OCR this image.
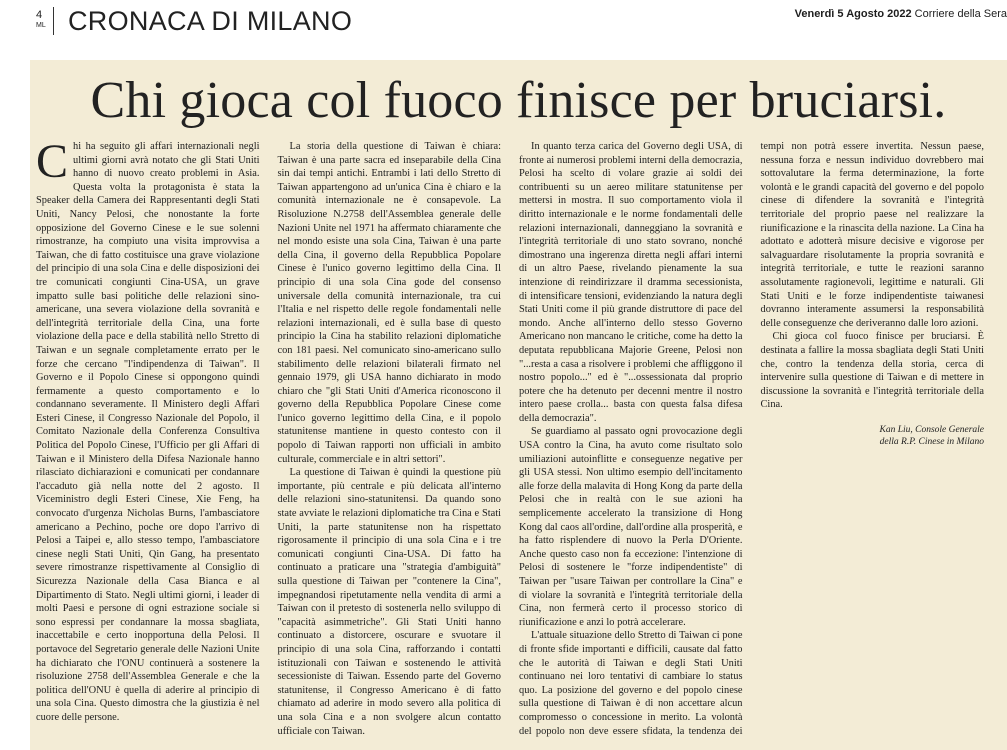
4
ML CRONACA DI MILANO	Venerdì 5 Agosto 2022 Corriere della Sera
Chi gioca col fuoco finisce per bruciarsi.

Chi ha seguito gli affari internazionali negli ultimi giorni avrà notato che gli Stati Uniti hanno di nuovo creato problemi in Asia. Questa volta la protagonista è stata la Speaker della Camera dei Rappresentanti degli Stati Uniti, Nancy Pelosi, che nonostante la forte opposizione del Governo Cinese e le sue solenni rimostranze, ha compiuto una visita improvvisa a Taiwan, che di fatto costituisce una grave violazione del principio di una sola Cina e delle disposizioni dei tre comunicati congiunti Cina-USA, un grave impatto sulle basi politiche delle relazioni sino-americane, una severa violazione della sovranità e dell'integrità territoriale della Cina, una forte violazione della pace e della stabilità nello Stretto di Taiwan e un segnale completamente errato per le forze che cercano "l'indipendenza di Taiwan". Il Governo e il Popolo Cinese si oppongono quindi fermamente a questo comportamento e lo condannano severamente. Il Ministero degli Affari Esteri Cinese, il Congresso Nazionale del Popolo, il Comitato Nazionale della Conferenza Consultiva Politica del Popolo Cinese, l'Ufficio per gli Affari di Taiwan e il Ministero della Difesa Nazionale hanno rilasciato dichiarazioni e comunicati per condannare l'accaduto già nella notte del 2 agosto. Il Viceministro degli Esteri Cinese, Xie Feng, ha convocato d'urgenza Nicholas Burns, l'ambasciatore americano a Pechino, poche ore dopo l'arrivo di Pelosi a Taipei e, allo stesso tempo, l'ambasciatore cinese negli Stati Uniti, Qin Gang, ha presentato severe rimostranze rispettivamente al Consiglio di Sicurezza Nazionale della Casa Bianca e al Dipartimento di Stato. Negli ultimi giorni, i leader di molti Paesi e persone di ogni estrazione sociale si sono espressi per condannare la mossa sbagliata, inaccettabile e certo inopportuna della Pelosi. Il portavoce del Segretario generale delle Nazioni Unite ha dichiarato che l'ONU continuerà a sostenere la risoluzione 2758 dell'Assemblea Generale e che la politica dell'ONU è quella di aderire al principio di una sola Cina. Questo dimostra che la giustizia è nel cuore delle persone.

La storia della questione di Taiwan è chiara: Taiwan è una parte sacra ed inseparabile della Cina sin dai tempi antichi. Entrambi i lati dello Stretto di Taiwan appartengono ad un'unica Cina è chiaro e la comunità internazionale ne è consapevole. La Risoluzione N.2758 dell'Assemblea generale delle Nazioni Unite nel 1971 ha affermato chiaramente che nel mondo esiste una sola Cina, Taiwan è una parte della Cina, il governo della Repubblica Popolare Cinese è l'unico governo legittimo della Cina. Il principio di una sola Cina gode del consenso universale della comunità internazionale, tra cui l'Italia e nel rispetto delle regole fondamentali nelle relazioni internazionali, ed è sulla base di questo principio la Cina ha stabilito relazioni diplomatiche con 181 paesi. Nel comunicato sino-americano sullo stabilimento delle relazioni bilaterali firmato nel gennaio 1979, gli USA hanno dichiarato in modo chiaro che "gli Stati Uniti d'America riconoscono il governo della Repubblica Popolare Cinese come l'unico governo legittimo della Cina, e il popolo statunitense mantiene in questo contesto con il popolo di Taiwan rapporti non ufficiali in ambito culturale, commerciale e in altri settori".

La questione di Taiwan è quindi la questione più importante, più centrale e più delicata all'interno delle relazioni sino-statunitensi. Da quando sono state avviate le relazioni diplomatiche tra Cina e Stati Uniti, la parte statunitense non ha rispettato rigorosamente il principio di una sola Cina e i tre comunicati congiunti Cina-USA. Di fatto ha continuato a praticare una "strategia d'ambiguità" sulla questione di Taiwan per "contenere la Cina", impegnandosi ripetutamente nella vendita di armi a Taiwan con il pretesto di sostenerla nello sviluppo di "capacità asimmetriche". Gli Stati Uniti hanno continuato a distorcere, oscurare e svuotare il principio di una sola Cina, rafforzando i contatti istituzionali con Taiwan e sostenendo le attività secessioniste di Taiwan. Essendo parte del Governo statunitense, il Congresso Americano è di fatto chiamato ad aderire in modo severo alla politica di una sola Cina e a non svolgere alcun contatto ufficiale con Taiwan.

In quanto terza carica del Governo degli USA, di fronte ai numerosi problemi interni della democrazia, Pelosi ha scelto di volare grazie ai soldi dei contribuenti su un aereo militare statunitense per mettersi in mostra. Il suo comportamento viola il diritto internazionale e le norme fondamentali delle relazioni internazionali, danneggiano la sovranità e l'integrità territoriale di uno stato sovrano, nonché dimostrano una ingerenza diretta negli affari interni di un altro Paese, rivelando pienamente la sua intenzione di reindirizzare il dramma secessionista, di intensificare tensioni, evidenziando la natura degli Stati Uniti come il più grande distruttore di pace del mondo. Anche all'interno dello stesso Governo Americano non mancano le critiche, come ha detto la deputata repubblicana Majorie Greene, Pelosi non "...resta a casa a risolvere i problemi che affliggono il nostro popolo..." ed è "...ossessionata dal proprio potere che ha detenuto per decenni mentre il nostro intero paese crolla... basta con questa falsa difesa della democrazia".

Se guardiamo al passato ogni provocazione degli USA contro la Cina, ha avuto come risultato solo umiliazioni autoinflitte e conseguenze negative per gli USA stessi. Non ultimo esempio dell'incitamento alle forze della malavita di Hong Kong da parte della Pelosi che in realtà con le sue azioni ha semplicemente accelerato la transizione di Hong Kong dal caos all'ordine, dall'ordine alla prosperità, e ha fatto risplendere di nuovo la Perla D'Oriente. Anche questo caso non fa eccezione: l'intenzione di Pelosi di sostenere le "forze indipendentiste" di Taiwan per "usare Taiwan per controllare la Cina" e di violare la sovranità e l'integrità territoriale della Cina, non fermerà certo il processo storico di riunificazione e anzi lo potrà accelerare.

L'attuale situazione dello Stretto di Taiwan ci pone di fronte sfide importanti e difficili, causate dal fatto che le autorità di Taiwan e degli Stati Uniti continuano nei loro tentativi di cambiare lo status quo. La posizione del governo e del popolo cinese sulla questione di Taiwan è di non accettare alcun compromesso o concessione in merito. La volontà del popolo non deve essere sfidata, la tendenza dei tempi non potrà essere invertita. Nessun paese, nessuna forza e nessun individuo dovrebbero mai sottovalutare la ferma determinazione, la forte volontà e le grandi capacità del governo e del popolo cinese di difendere la sovranità e l'integrità territoriale del proprio paese nel realizzare la riunificazione e la rinascita della nazione. La Cina ha adottato e adotterà misure decisive e vigorose per salvaguardare risolutamente la propria sovranità e integrità territoriale, e tutte le reazioni saranno assolutamente ragionevoli, legittime e naturali. Gli Stati Uniti e le forze indipendentiste taiwanesi dovranno interamente assumersi la responsabilità delle conseguenze che deriveranno dalle loro azioni.

Chi gioca col fuoco finisce per bruciarsi. È destinata a fallire la mossa sbagliata degli Stati Uniti che, contro la tendenza della storia, cerca di intervenire sulla questione di Taiwan e di mettere in discussione la sovranità e l'integrità territoriale della Cina.

Kan Liu, Console Generale
della R.P. Cinese in Milano
